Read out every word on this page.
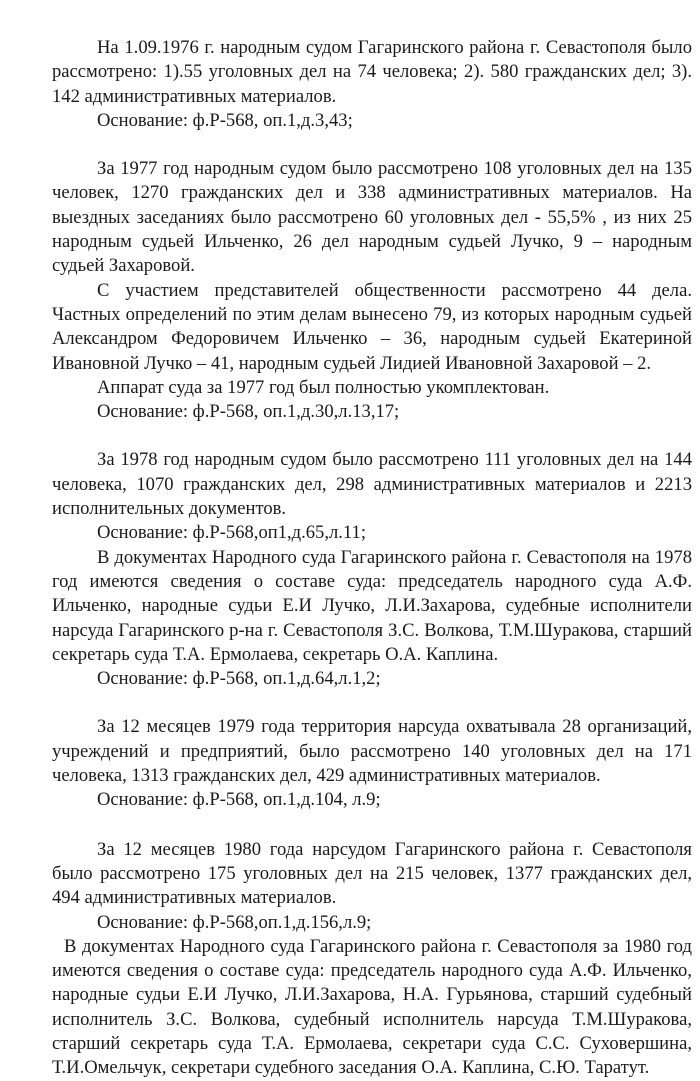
На 1.09.1976 г. народным судом Гагаринского района г. Севастополя было рассмотрено: 1).55 уголовных дел на 74 человека; 2). 580 гражданских дел; 3). 142 административных материалов.

Основание: ф.Р-568, оп.1,д.3,43;

За 1977 год народным судом было рассмотрено 108 уголовных дел на 135 человек, 1270 гражданских дел и 338 административных материалов. На выездных заседаниях было рассмотрено 60 уголовных дел - 55,5% , из них 25 народным судьей Ильченко, 26 дел народным судьей Лучко, 9 – народным судьей Захаровой.

С участием представителей общественности рассмотрено 44 дела. Частных определений по этим делам вынесено 79, из которых народным судьей Александром Федоровичем Ильченко – 36, народным судьей Екатериной Ивановной Лучко – 41, народным судьей Лидией Ивановной Захаровой – 2.

Аппарат суда за 1977 год был полностью укомплектован.

Основание: ф.Р-568, оп.1,д.30,л.13,17;

За 1978 год народным судом было рассмотрено 111 уголовных дел на 144 человека, 1070 гражданских дел, 298 административных материалов и 2213 исполнительных документов.

Основание: ф.Р-568,оп1,д.65,л.11;

В документах Народного суда Гагаринского района г. Севастополя на 1978 год имеются сведения о составе суда: председатель народного суда А.Ф. Ильченко, народные судьи Е.И Лучко, Л.И.Захарова, судебные исполнители нарсуда Гагаринского р-на г. Севастополя З.С. Волкова, Т.М.Шуракова, старший секретарь суда Т.А. Ермолаева, секретарь О.А. Каплина.

Основание: ф.Р-568, оп.1,д.64,л.1,2;

За 12 месяцев 1979 года территория нарсуда охватывала 28 организаций, учреждений и предприятий, было рассмотрено 140 уголовных дел на 171 человека, 1313 гражданских дел, 429 административных материалов.

Основание: ф.Р-568, оп.1,д.104, л.9;

За 12 месяцев 1980 года нарсудом Гагаринского района г. Севастополя было рассмотрено 175 уголовных дел на 215 человек, 1377 гражданских дел, 494 административных материалов.

Основание: ф.Р-568,оп.1,д.156,л.9;

В документах Народного суда Гагаринского района г. Севастополя за 1980 год имеются сведения о составе суда: председатель народного суда А.Ф. Ильченко, народные судьи Е.И Лучко, Л.И.Захарова, Н.А. Гурьянова, старший судебный исполнитель З.С. Волкова, судебный исполнитель нарсуда Т.М.Шуракова, старший секретарь суда Т.А. Ермолаева, секретари суда С.С. Суховершина, Т.И.Омельчук, секретари судебного заседания О.А. Каплина, С.Ю. Таратут.
